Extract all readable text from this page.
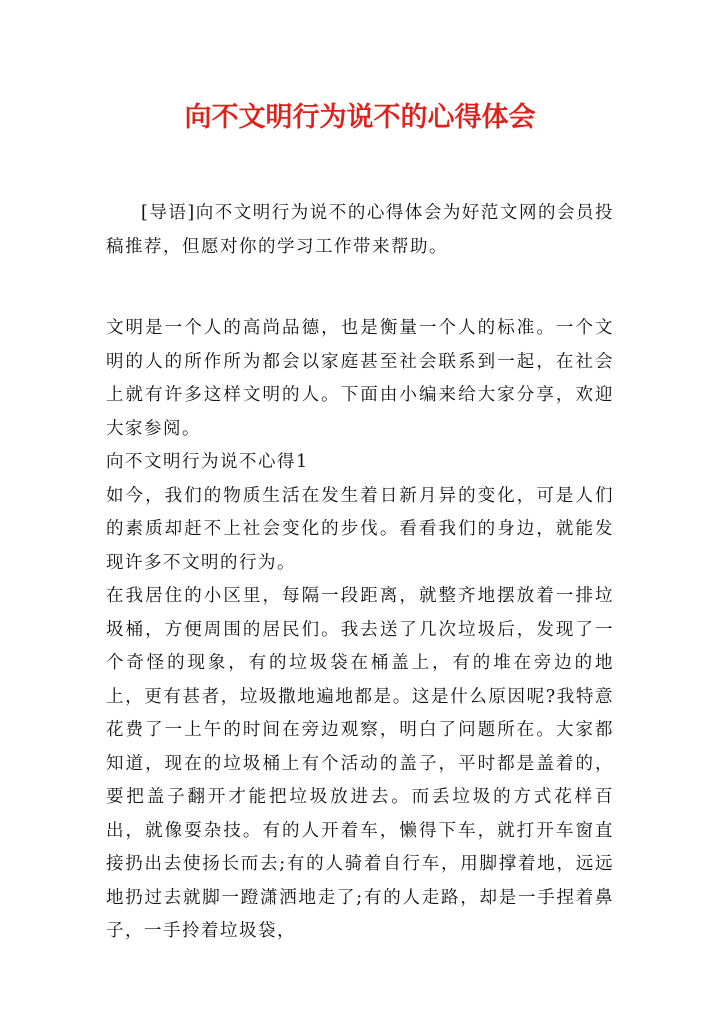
向不文明行为说不的心得体会

[导语]向不文明行为说不的心得体会为好范文网的会员投稿推荐，但愿对你的学习工作带来帮助。

文明是一个人的高尚品德，也是衡量一个人的标准。一个文明的人的所作所为都会以家庭甚至社会联系到一起，在社会上就有许多这样文明的人。下面由小编来给大家分享，欢迎大家参阅。

向不文明行为说不心得1

如今，我们的物质生活在发生着日新月异的变化，可是人们的素质却赶不上社会变化的步伐。看看我们的身边，就能发现许多不文明的行为。

在我居住的小区里，每隔一段距离，就整齐地摆放着一排垃圾桶，方便周围的居民们。我去送了几次垃圾后，发现了一个奇怪的现象，有的垃圾袋在桶盖上，有的堆在旁边的地上，更有甚者，垃圾撒地遍地都是。这是什么原因呢?我特意花费了一上午的时间在旁边观察，明白了问题所在。大家都知道，现在的垃圾桶上有个活动的盖子，平时都是盖着的，要把盖子翻开才能把垃圾放进去。而丢垃圾的方式花样百出，就像耍杂技。有的人开着车，懒得下车，就打开车窗直接扔出去使扬长而去;有的人骑着自行车，用脚撑着地，远远地扔过去就脚一蹬潇洒地走了;有的人走路，却是一手捏着鼻子，一手拎着垃圾袋，
